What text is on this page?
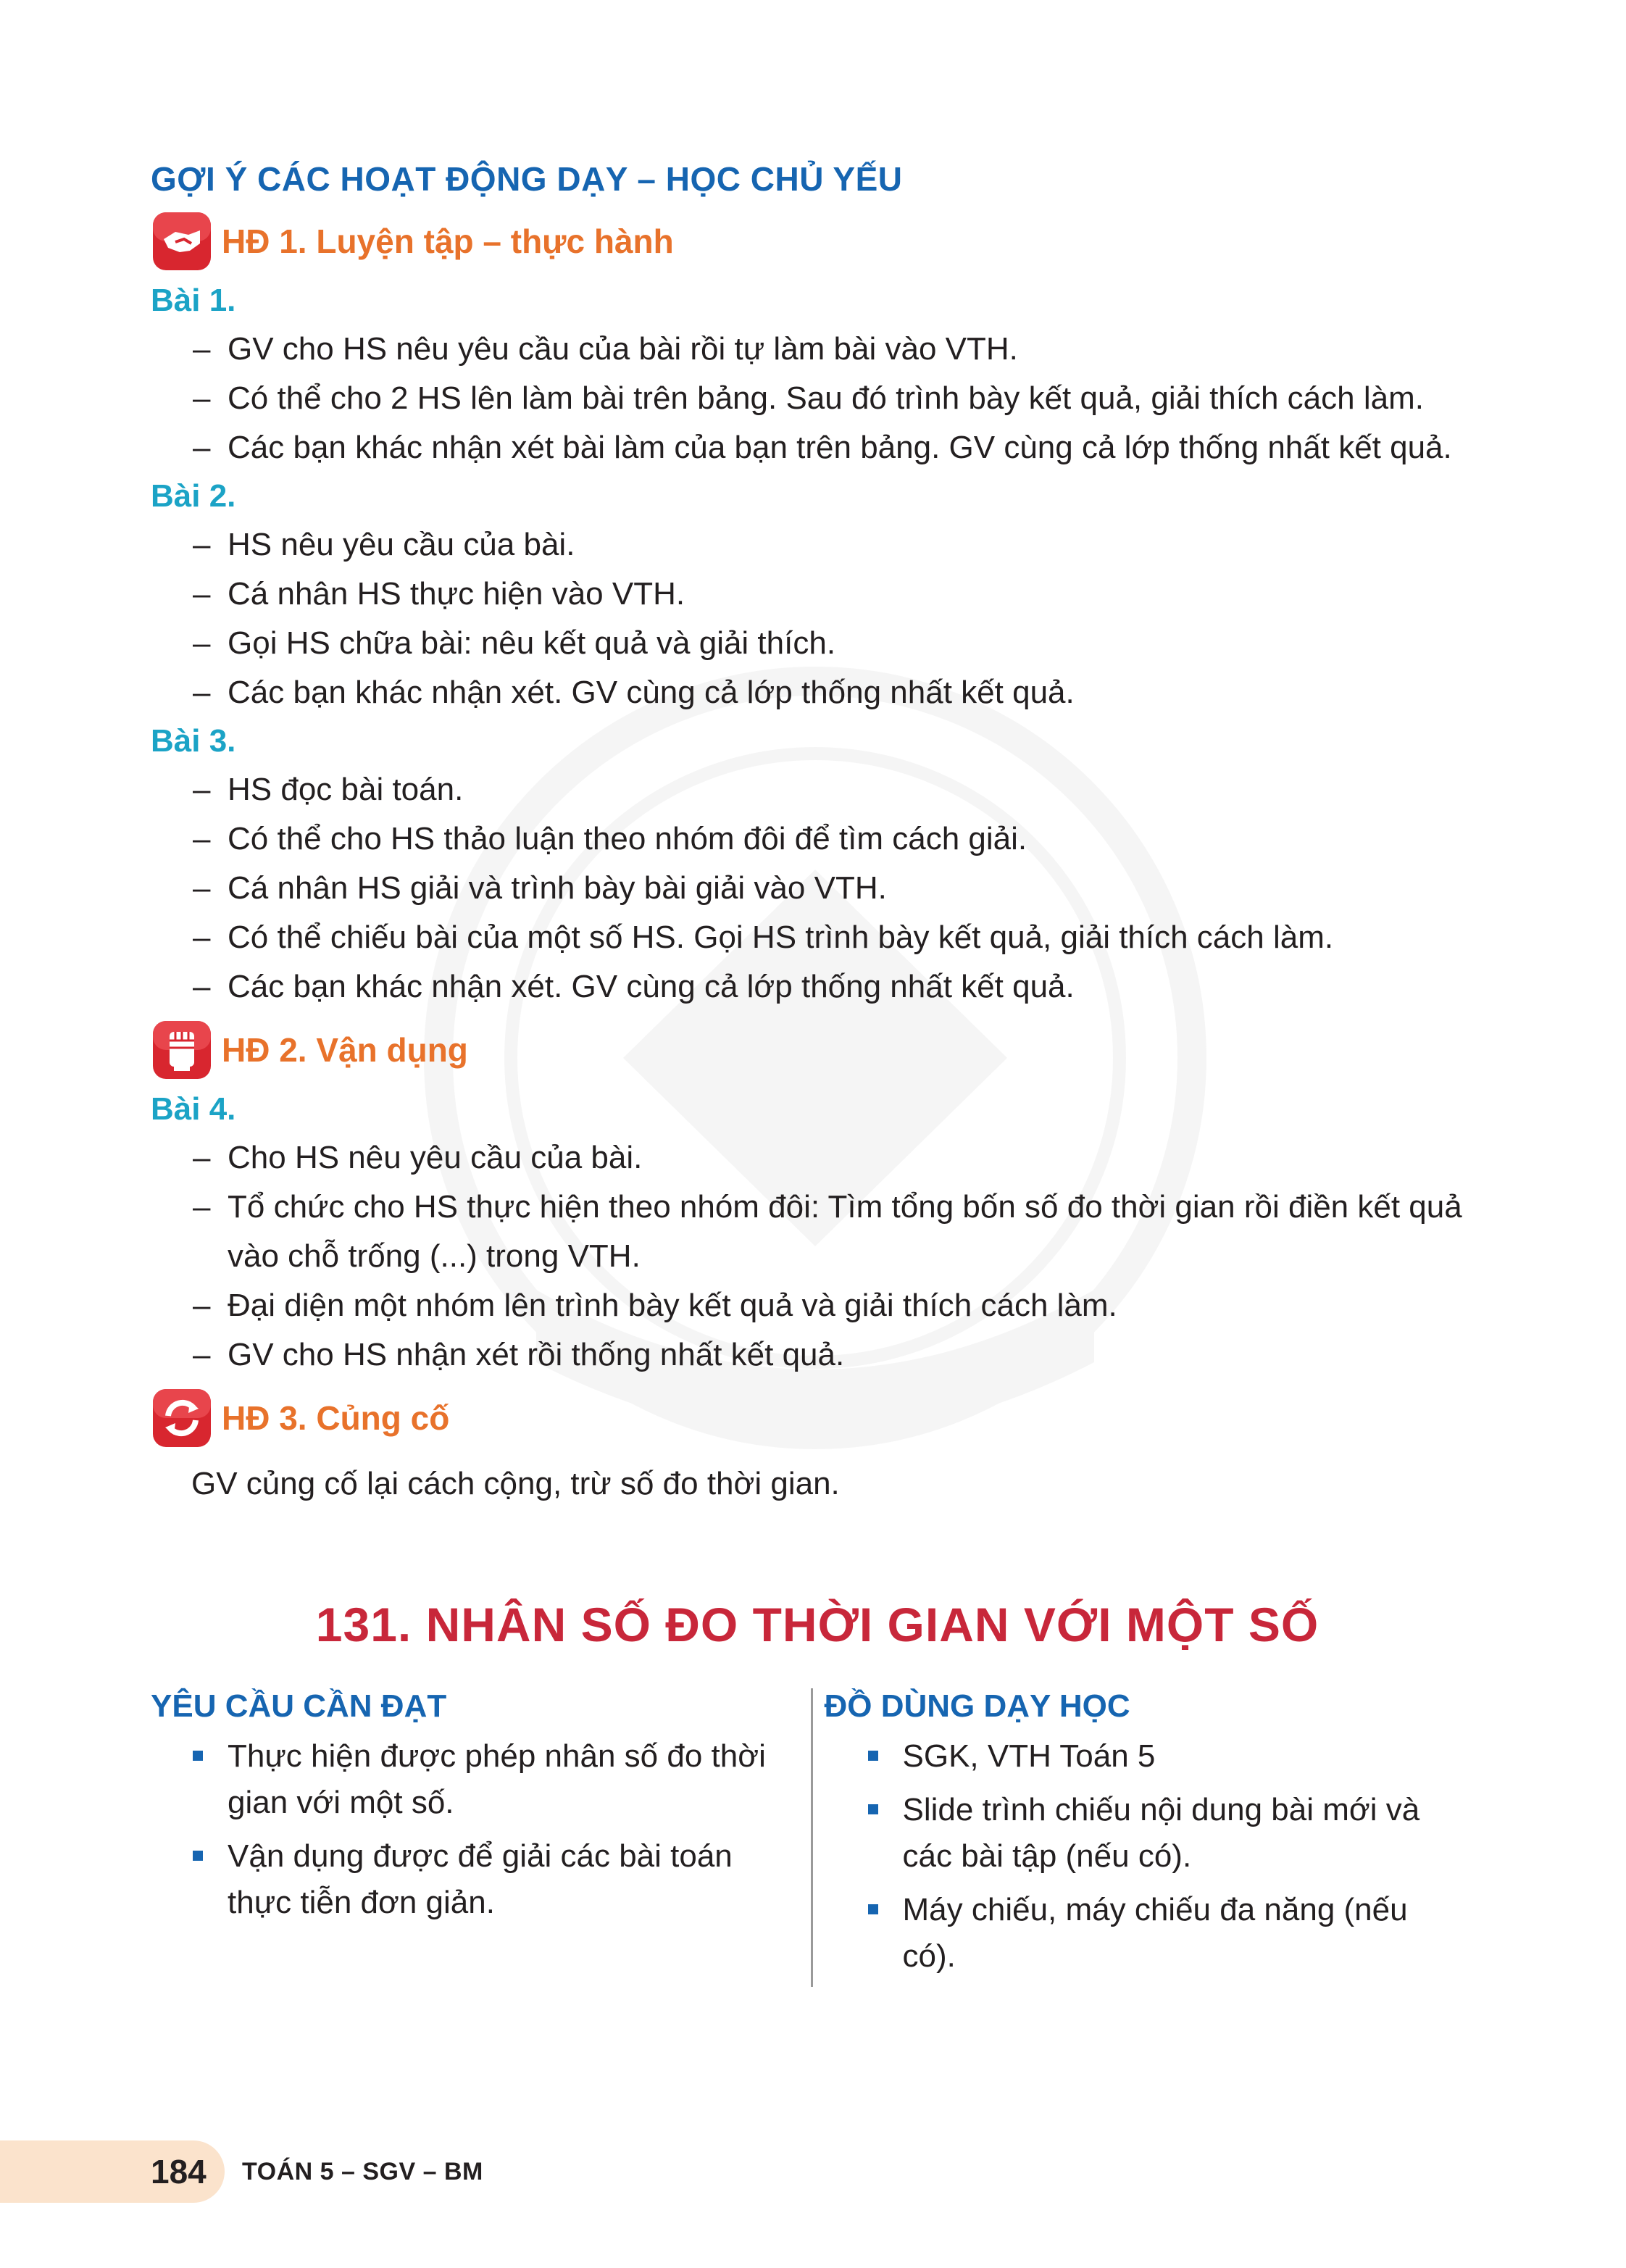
GỢI Ý CÁC HOẠT ĐỘNG DẠY – HỌC CHỦ YẾU
HĐ 1. Luyện tập – thực hành
Bài 1.
– GV cho HS nêu yêu cầu của bài rồi tự làm bài vào VTH.
– Có thể cho 2 HS lên làm bài trên bảng. Sau đó trình bày kết quả, giải thích cách làm.
– Các bạn khác nhận xét bài làm của bạn trên bảng. GV cùng cả lớp thống nhất kết quả.
Bài 2.
– HS nêu yêu cầu của bài.
– Cá nhân HS thực hiện vào VTH.
– Gọi HS chữa bài: nêu kết quả và giải thích.
– Các bạn khác nhận xét. GV cùng cả lớp thống nhất kết quả.
Bài 3.
– HS đọc bài toán.
– Có thể cho HS thảo luận theo nhóm đôi để tìm cách giải.
– Cá nhân HS giải và trình bày bài giải vào VTH.
– Có thể chiếu bài của một số HS. Gọi HS trình bày kết quả, giải thích cách làm.
– Các bạn khác nhận xét. GV cùng cả lớp thống nhất kết quả.
HĐ 2. Vận dụng
Bài 4.
– Cho HS nêu yêu cầu của bài.
– Tổ chức cho HS thực hiện theo nhóm đôi: Tìm tổng bốn số đo thời gian rồi điền kết quả vào chỗ trống (...) trong VTH.
– Đại diện một nhóm lên trình bày kết quả và giải thích cách làm.
– GV cho HS nhận xét rồi thống nhất kết quả.
HĐ 3. Củng cố
GV củng cố lại cách cộng, trừ số đo thời gian.
131. NHÂN SỐ ĐO THỜI GIAN VỚI MỘT SỐ
YÊU CẦU CẦN ĐẠT
Thực hiện được phép nhân số đo thời gian với một số.
Vận dụng được để giải các bài toán thực tiễn đơn giản.
ĐỒ DÙNG DẠY HỌC
SGK, VTH Toán 5
Slide trình chiếu nội dung bài mới và các bài tập (nếu có).
Máy chiếu, máy chiếu đa năng (nếu có).
184 TOÁN 5 – SGV – BM
